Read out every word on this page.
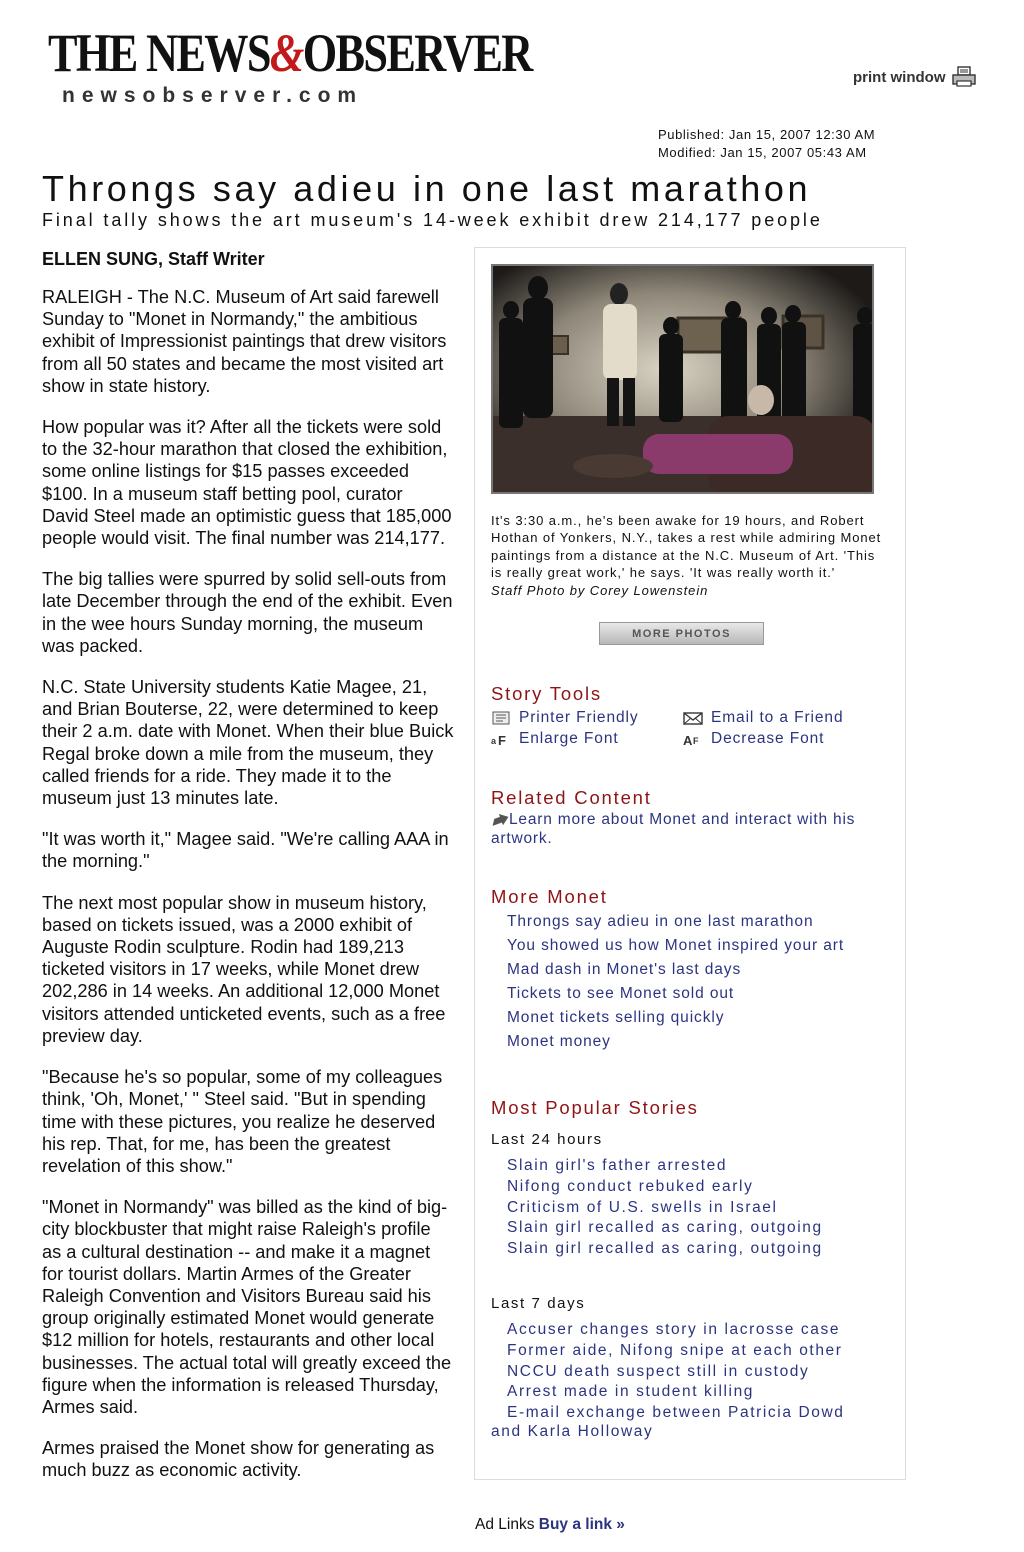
THE NEWS&OBSERVER
newsobserver.com
print window
Published: Jan 15, 2007 12:30 AM
Modified: Jan 15, 2007 05:43 AM
Throngs say adieu in one last marathon
Final tally shows the art museum's 14-week exhibit drew 214,177 people
ELLEN SUNG, Staff Writer

RALEIGH - The N.C. Museum of Art said farewell Sunday to "Monet in Normandy," the ambitious exhibit of Impressionist paintings that drew visitors from all 50 states and became the most visited art show in state history.

How popular was it? After all the tickets were sold to the 32-hour marathon that closed the exhibition, some online listings for $15 passes exceeded $100. In a museum staff betting pool, curator David Steel made an optimistic guess that 185,000 people would visit. The final number was 214,177.

The big tallies were spurred by solid sell-outs from late December through the end of the exhibit. Even in the wee hours Sunday morning, the museum was packed.

N.C. State University students Katie Magee, 21, and Brian Bouterse, 22, were determined to keep their 2 a.m. date with Monet. When their blue Buick Regal broke down a mile from the museum, they called friends for a ride. They made it to the museum just 13 minutes late.

"It was worth it," Magee said. "We're calling AAA in the morning."

The next most popular show in museum history, based on tickets issued, was a 2000 exhibit of Auguste Rodin sculpture. Rodin had 189,213 ticketed visitors in 17 weeks, while Monet drew 202,286 in 14 weeks. An additional 12,000 Monet visitors attended unticketed events, such as a free preview day.

"Because he's so popular, some of my colleagues think, 'Oh, Monet,' " Steel said. "But in spending time with these pictures, you realize he deserved his rep. That, for me, has been the greatest revelation of this show."

"Monet in Normandy" was billed as the kind of big-city blockbuster that might raise Raleigh's profile as a cultural destination -- and make it a magnet for tourist dollars. Martin Armes of the Greater Raleigh Convention and Visitors Bureau said his group originally estimated Monet would generate $12 million for hotels, restaurants and other local businesses. The actual total will greatly exceed the figure when the information is released Thursday, Armes said.

Armes praised the Monet show for generating as much buzz as economic activity.

It's 3:30 a.m., he's been awake for 19 hours, and Robert Hothan of Yonkers, N.Y., takes a rest while admiring Monet paintings from a distance at the N.C. Museum of Art. 'This is really great work,' he says. 'It was really worth it.'
Staff Photo by Corey Lowenstein
MORE PHOTOS
Story Tools
Printer Friendly	Email to a Friend
a F Enlarge Font	A F Decrease Font
Related Content
Learn more about Monet and interact with his artwork.
More Monet
Throngs say adieu in one last marathon
You showed us how Monet inspired your art
Mad dash in Monet's last days
Tickets to see Monet sold out
Monet tickets selling quickly
Monet money
Most Popular Stories
Last 24 hours
Slain girl's father arrested
Nifong conduct rebuked early
Criticism of U.S. swells in Israel
Slain girl recalled as caring, outgoing
Slain girl recalled as caring, outgoing
Last 7 days
Accuser changes story in lacrosse case
Former aide, Nifong snipe at each other
NCCU death suspect still in custody
Arrest made in student killing
E-mail exchange between Patricia Dowd
and Karla Holloway
Ad Links Buy a link »
